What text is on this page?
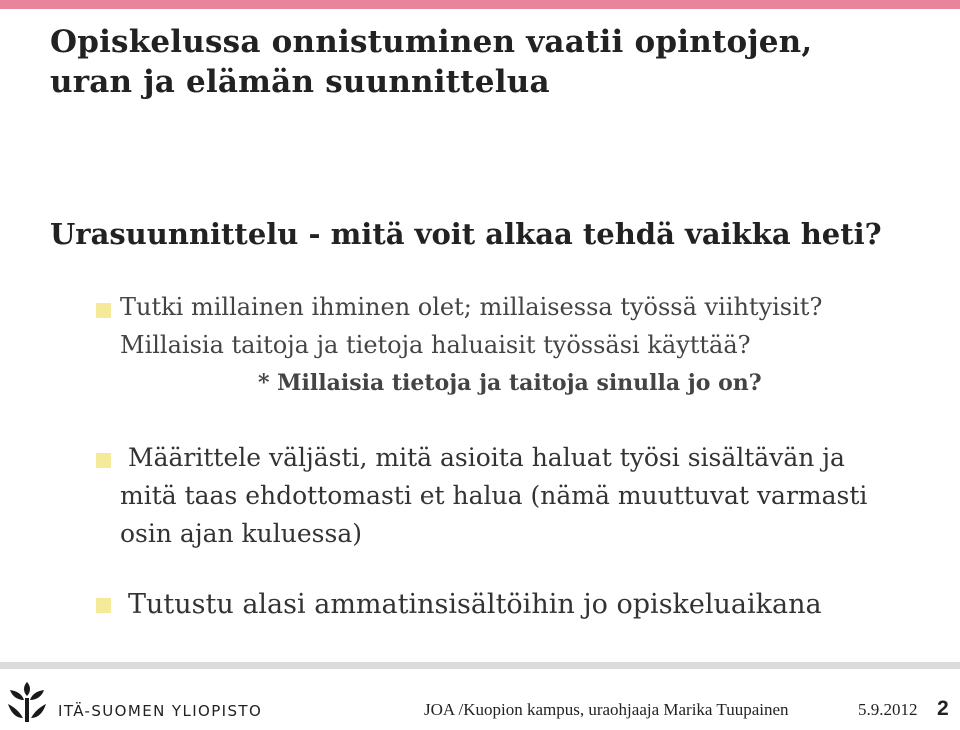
Opiskelussa onnistuminen vaatii opintojen,
uran ja elämän suunnittelua
Urasuunnittelu - mitä voit alkaa tehdä vaikka heti?

Tutki millainen ihminen olet; millaisessa työssä viihtyisit?
Millaisia taitoja ja tietoja haluaisit työssäsi käyttää?
* Millaisia tietoja ja taitoja sinulla jo on?

Määrittele väljästi, mitä asioita haluat työsi sisältävän ja
mitä taas ehdottomasti et halua (nämä muuttuvat varmasti
osin ajan kuluessa)

Tutustu alasi ammatinsisältöihin jo opiskeluaikana

ITÄ-SUOMEN YLIOPISTO	JOA /Kuopion kampus, uraohjaaja Marika Tuupainen	5.9.2012 2
